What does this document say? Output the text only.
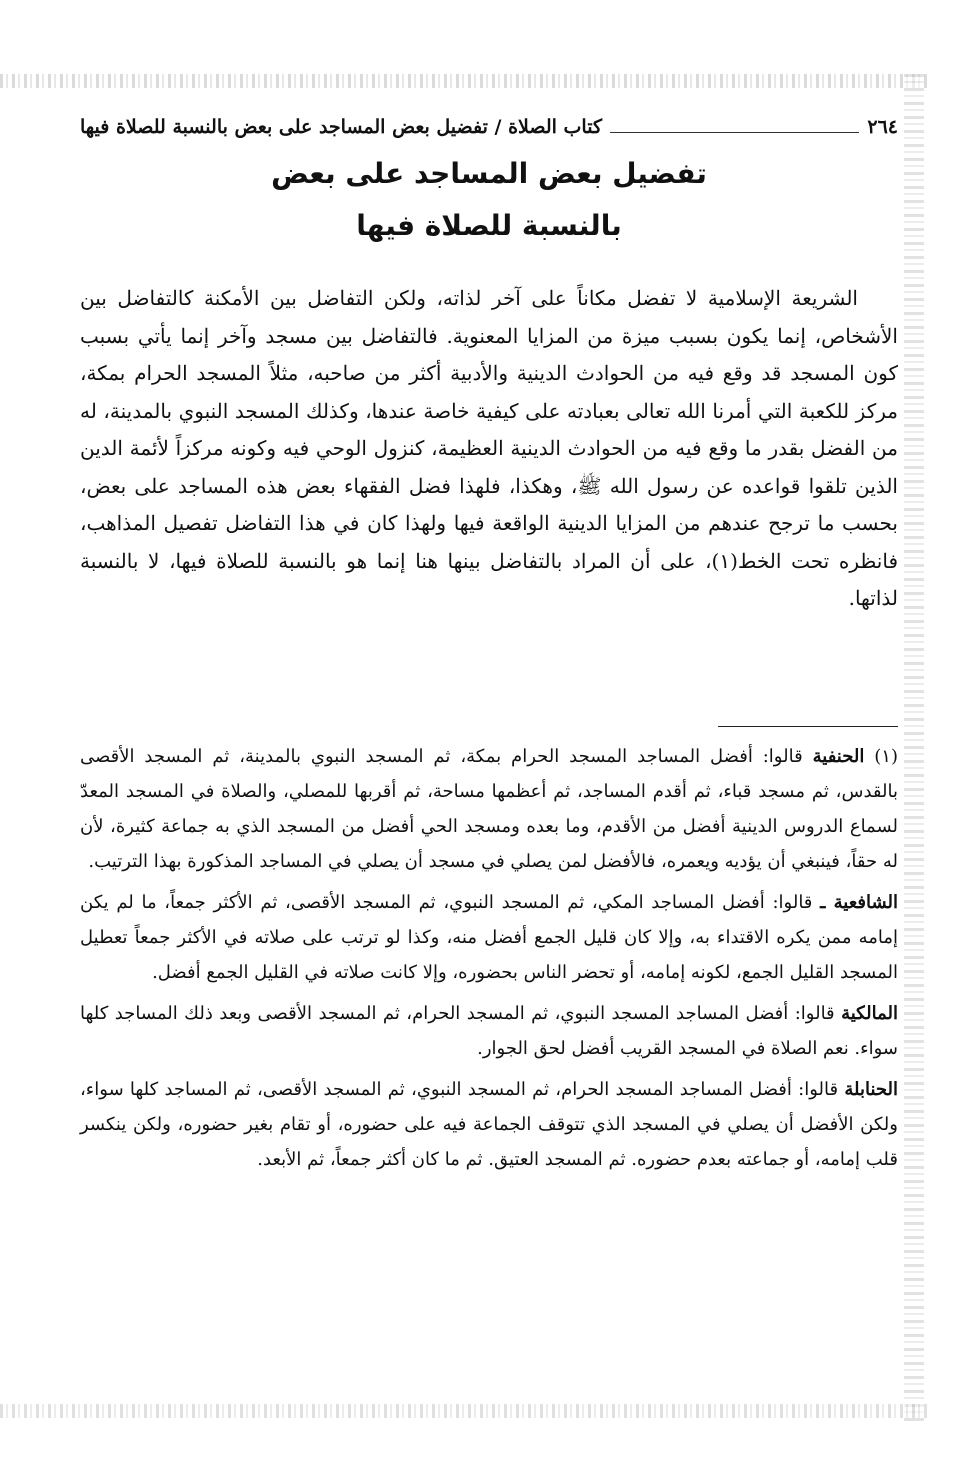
٢٦٤
كتاب الصلاة / تفضيل بعض المساجد على بعض بالنسبة للصلاة فيها
تفضيل بعض المساجد على بعض
بالنسبة للصلاة فيها

الشريعة الإسلامية لا تفضل مكاناً على آخر لذاته، ولكن التفاضل بين الأمكنة كالتفاضل بين الأشخاص، إنما يكون بسبب ميزة من المزايا المعنوية. فالتفاضل بين مسجد وآخر إنما يأتي بسبب كون المسجد قد وقع فيه من الحوادث الدينية والأدبية أكثر من صاحبه، مثلاً المسجد الحرام بمكة، مركز للكعبة التي أمرنا الله تعالى بعبادته على كيفية خاصة عندها، وكذلك المسجد النبوي بالمدينة، له من الفضل بقدر ما وقع فيه من الحوادث الدينية العظيمة، كنزول الوحي فيه وكونه مركزاً لأئمة الدين الذين تلقوا قواعده عن رسول الله ﷺ، وهكذا، فلهذا فضل الفقهاء بعض هذه المساجد على بعض، بحسب ما ترجح عندهم من المزايا الدينية الواقعة فيها ولهذا كان في هذا التفاضل تفصيل المذاهب، فانظره تحت الخط(١)، على أن المراد بالتفاضل بينها هنا إنما هو بالنسبة للصلاة فيها، لا بالنسبة لذاتها.

(١) الحنفية قالوا: أفضل المساجد المسجد الحرام بمكة، ثم المسجد النبوي بالمدينة، ثم المسجد الأقصى بالقدس، ثم مسجد قباء، ثم أقدم المساجد، ثم أعظمها مساحة، ثم أقربها للمصلي، والصلاة في المسجد المعدّ لسماع الدروس الدينية أفضل من الأقدم، وما بعده ومسجد الحي أفضل من المسجد الذي به جماعة كثيرة، لأن له حقاً، فينبغي أن يؤديه ويعمره، فالأفضل لمن يصلي في مسجد أن يصلي في المساجد المذكورة بهذا الترتيب.

الشافعية ـ قالوا: أفضل المساجد المكي، ثم المسجد النبوي، ثم المسجد الأقصى، ثم الأكثر جمعاً، ما لم يكن إمامه ممن يكره الاقتداء به، وإلا كان قليل الجمع أفضل منه، وكذا لو ترتب على صلاته في الأكثر جمعاً تعطيل المسجد القليل الجمع، لكونه إمامه، أو تحضر الناس بحضوره، وإلا كانت صلاته في القليل الجمع أفضل.

المالكية قالوا: أفضل المساجد المسجد النبوي، ثم المسجد الحرام، ثم المسجد الأقصى وبعد ذلك المساجد كلها سواء. نعم الصلاة في المسجد القريب أفضل لحق الجوار.

الحنابلة قالوا: أفضل المساجد المسجد الحرام، ثم المسجد النبوي، ثم المسجد الأقصى، ثم المساجد كلها سواء، ولكن الأفضل أن يصلي في المسجد الذي تتوقف الجماعة فيه على حضوره، أو تقام بغير حضوره، ولكن ينكسر قلب إمامه، أو جماعته بعدم حضوره. ثم المسجد العتيق. ثم ما كان أكثر جمعاً، ثم الأبعد.
